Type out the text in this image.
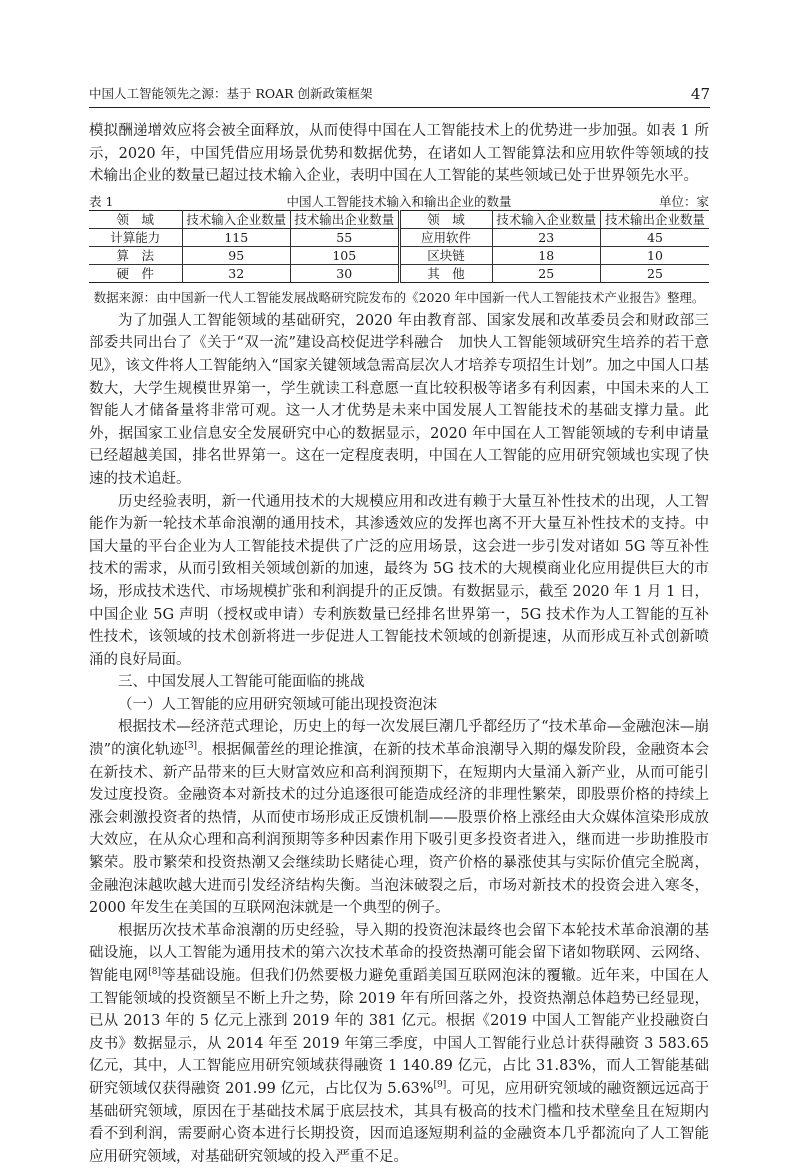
中国人工智能领先之源：基于 ROAR 创新政策框架	47

模拟酬递增效应将会被全面释放，从而使得中国在人工智能技术上的优势进一步加强。如表 1 所示，2020 年，中国凭借应用场景优势和数据优势，在诸如人工智能算法和应用软件等领域的技术输出企业的数量已超过技术输入企业，表明中国在人工智能的某些领域已处于世界领先水平。

表 1	中国人工智能技术输入和输出企业的数量	单位：家
领　域	技术输入企业数量	技术输出企业数量	领　域	技术输入企业数量	技术输出企业数量
计算能力	115	55	应用软件	23	45
算　法	95	105	区块链	18	10
硬　件	32	30	其　他	25	25
数据来源：由中国新一代人工智能发展战略研究院发布的《2020 年中国新一代人工智能技术产业报告》整理。

为了加强人工智能领域的基础研究，2020 年由教育部、国家发展和改革委员会和财政部三部委共同出台了《关于“双一流”建设高校促进学科融合　加快人工智能领域研究生培养的若干意见》，该文件将人工智能纳入“国家关键领域急需高层次人才培养专项招生计划”。加之中国人口基数大，大学生规模世界第一，学生就读工科意愿一直比较积极等诸多有利因素，中国未来的人工智能人才储备量将非常可观。这一人才优势是未来中国发展人工智能技术的基础支撑力量。此外，据国家工业信息安全发展研究中心的数据显示，2020 年中国在人工智能领域的专利申请量已经超越美国，排名世界第一。这在一定程度表明，中国在人工智能的应用研究领域也实现了快速的技术追赶。

历史经验表明，新一代通用技术的大规模应用和改进有赖于大量互补性技术的出现，人工智能作为新一轮技术革命浪潮的通用技术，其渗透效应的发挥也离不开大量互补性技术的支持。中国大量的平台企业为人工智能技术提供了广泛的应用场景，这会进一步引发对诸如 5G 等互补性技术的需求，从而引致相关领域创新的加速，最终为 5G 技术的大规模商业化应用提供巨大的市场，形成技术迭代、市场规模扩张和利润提升的正反馈。有数据显示，截至 2020 年 1 月 1 日，中国企业 5G 声明（授权或申请）专利族数量已经排名世界第一，5G 技术作为人工智能的互补性技术，该领域的技术创新将进一步促进人工智能技术领域的创新提速，从而形成互补式创新喷涌的良好局面。

三、中国发展人工智能可能面临的挑战

（一）人工智能的应用研究领域可能出现投资泡沫

根据技术—经济范式理论，历史上的每一次发展巨潮几乎都经历了“技术革命—金融泡沫—崩溃”的演化轨迹[3]。根据佩蕾丝的理论推演，在新的技术革命浪潮导入期的爆发阶段，金融资本会在新技术、新产品带来的巨大财富效应和高利润预期下，在短期内大量涌入新产业，从而可能引发过度投资。金融资本对新技术的过分追逐很可能造成经济的非理性繁荣，即股票价格的持续上涨会刺激投资者的热情，从而使市场形成正反馈机制——股票价格上涨经由大众媒体渲染形成放大效应，在从众心理和高利润预期等多种因素作用下吸引更多投资者进入，继而进一步助推股市繁荣。股市繁荣和投资热潮又会继续助长赌徒心理，资产价格的暴涨使其与实际价值完全脱离，金融泡沫越吹越大进而引发经济结构失衡。当泡沫破裂之后，市场对新技术的投资会进入寒冬，2000 年发生在美国的互联网泡沫就是一个典型的例子。

根据历次技术革命浪潮的历史经验，导入期的投资泡沫最终也会留下本轮技术革命浪潮的基础设施，以人工智能为通用技术的第六次技术革命的投资热潮可能会留下诸如物联网、云网络、智能电网[8]等基础设施。但我们仍然要极力避免重蹈美国互联网泡沫的覆辙。近年来，中国在人工智能领域的投资额呈不断上升之势，除 2019 年有所回落之外，投资热潮总体趋势已经显现，已从 2013 年的 5 亿元上涨到 2019 年的 381 亿元。根据《2019 中国人工智能产业投融资白皮书》数据显示，从 2014 年至 2019 年第三季度，中国人工智能行业总计获得融资 3 583.65 亿元，其中，人工智能应用研究领域获得融资 1 140.89 亿元，占比 31.83%，而人工智能基础研究领域仅获得融资 201.99 亿元，占比仅为 5.63%[9]。可见，应用研究领域的融资额远远高于基础研究领域，原因在于基础技术属于底层技术，其具有极高的技术门槛和技术壁垒且在短期内看不到利润，需要耐心资本进行长期投资，因而追逐短期利益的金融资本几乎都流向了人工智能应用研究领域，对基础研究领域的投入严重不足。
